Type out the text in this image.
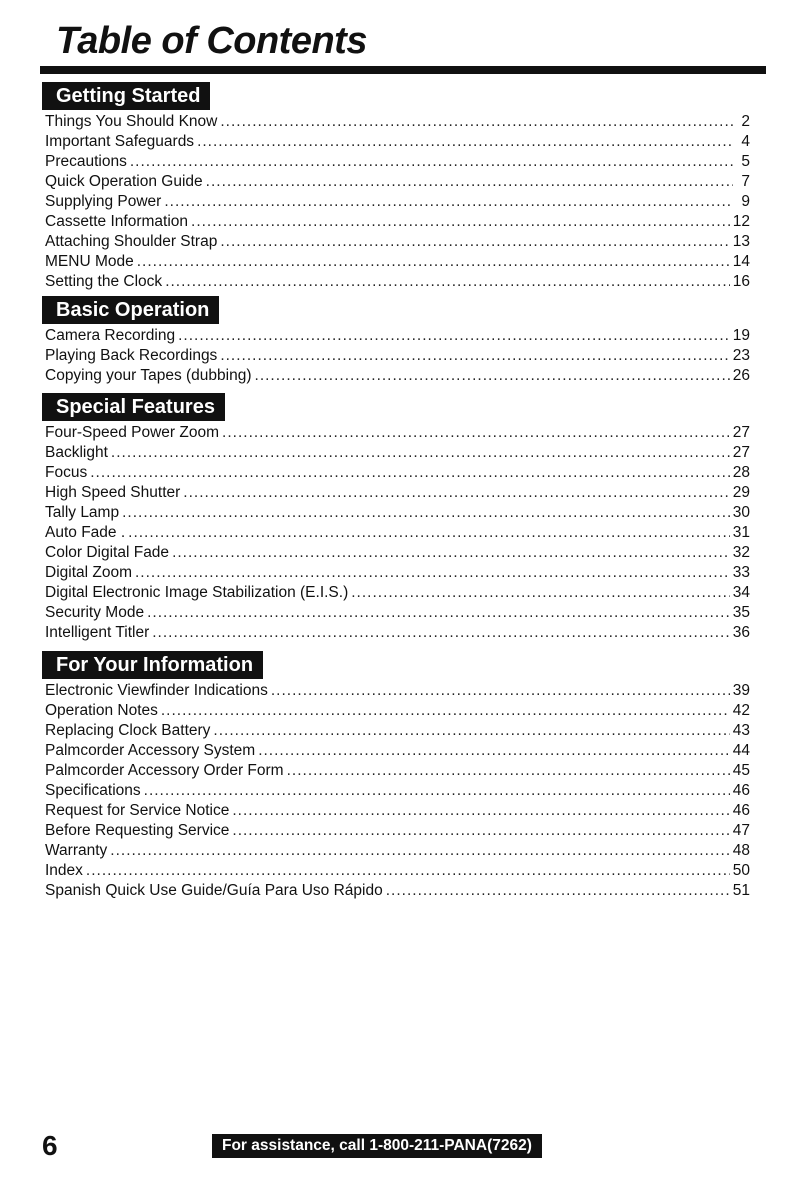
Table of Contents
Getting Started
Things You Should Know .....	2
Important Safeguards .....	4
Precautions .....	5
Quick Operation Guide .....	7
Supplying Power .....	9
Cassette Information .....	12
Attaching Shoulder Strap .....	13
MENU Mode .....	14
Setting the Clock .....	16
Basic Operation
Camera Recording .....	19
Playing Back Recordings .....	23
Copying your Tapes (dubbing) .....	26
Special Features
Four-Speed Power Zoom .....	27
Backlight .....	27
Focus .....	28
High Speed Shutter .....	29
Tally Lamp .....	30
Auto Fade . .....	31
Color Digital Fade .....	32
Digital Zoom .....	33
Digital Electronic Image Stabilization (E.I.S.) .....	34
Security Mode .....	35
Intelligent Titler .....	36
For Your Information
Electronic Viewfinder Indications .....	39
Operation Notes .....	42
Replacing Clock Battery .....	43
Palmcorder Accessory System .....	44
Palmcorder Accessory Order Form .....	45
Specifications .....	46
Request for Service Notice .....	46
Before Requesting Service .....	47
Warranty .....	48
Index .....	50
Spanish Quick Use Guide/Guía Para Uso Rápido .....	51
6	For assistance, call 1-800-211-PANA(7262)
